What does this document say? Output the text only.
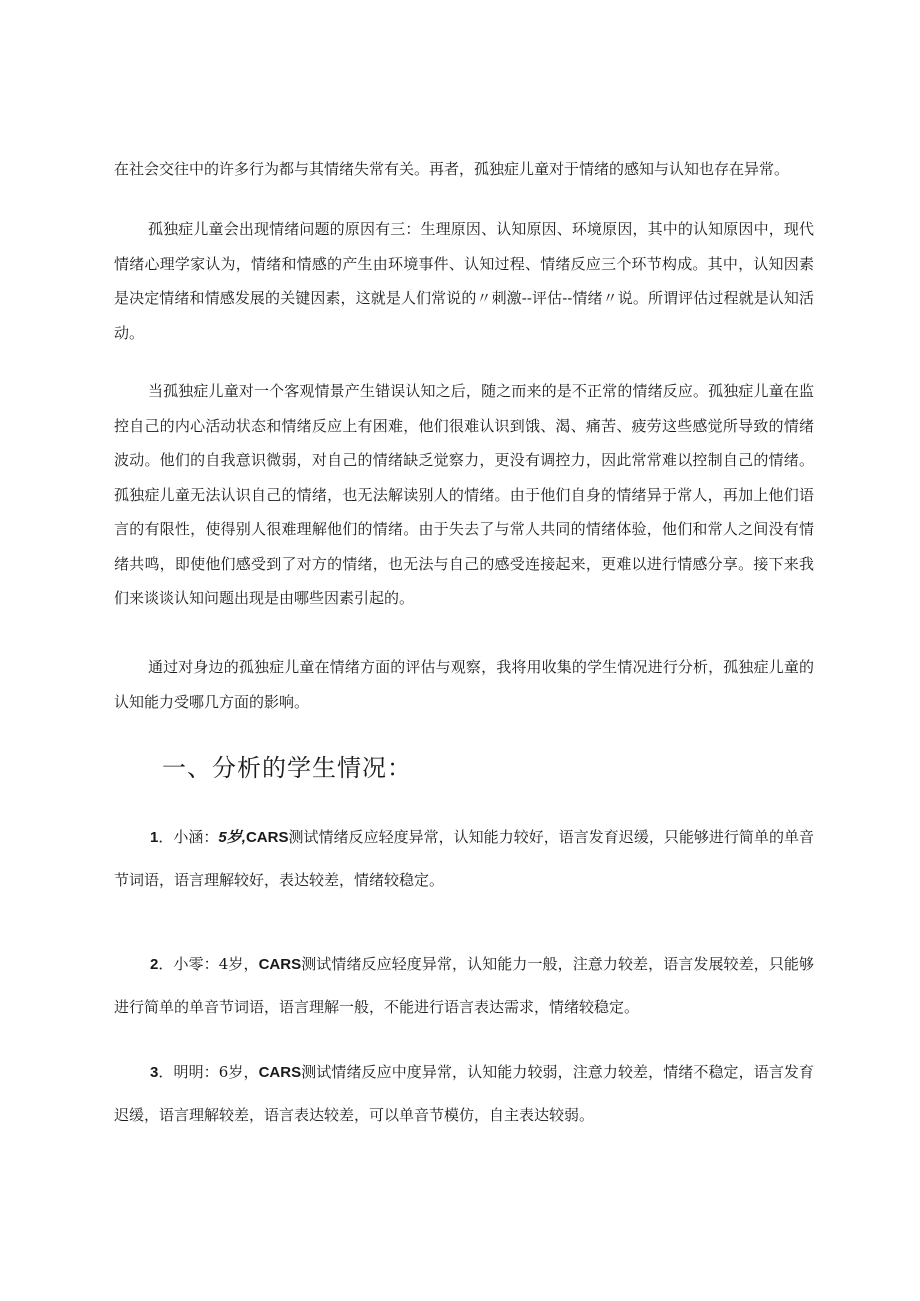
在社会交往中的许多行为都与其情绪失常有关。再者，孤独症儿童对于情绪的感知与认知也存在异常。

孤独症儿童会出现情绪问题的原因有三：生理原因、认知原因、环境原因，其中的认知原因中，现代情绪心理学家认为，情绪和情感的产生由环境事件、认知过程、情绪反应三个环节构成。其中，认知因素是决定情绪和情感发展的关键因素，这就是人们常说的〃刺激--评估--情绪〃说。所谓评估过程就是认知活动。

当孤独症儿童对一个客观情景产生错误认知之后，随之而来的是不正常的情绪反应。孤独症儿童在监控自己的内心活动状态和情绪反应上有困难，他们很难认识到饿、渴、痛苦、疲劳这些感觉所导致的情绪波动。他们的自我意识微弱，对自己的情绪缺乏觉察力，更没有调控力，因此常常难以控制自己的情绪。孤独症儿童无法认识自己的情绪，也无法解读别人的情绪。由于他们自身的情绪异于常人，再加上他们语言的有限性，使得别人很难理解他们的情绪。由于失去了与常人共同的情绪体验，他们和常人之间没有情绪共鸣，即使他们感受到了对方的情绪，也无法与自己的感受连接起来，更难以进行情感分享。接下来我们来谈谈认知问题出现是由哪些因素引起的。

通过对身边的孤独症儿童在情绪方面的评估与观察，我将用收集的学生情况进行分析，孤独症儿童的认知能力受哪几方面的影响。

一、分析的学生情况：

1．小涵：5岁,CARS测试情绪反应轻度异常，认知能力较好，语言发育迟缓，只能够进行简单的单音节词语，语言理解较好，表达较差，情绪较稳定。

2．小零：4岁，CARS测试情绪反应轻度异常，认知能力一般，注意力较差，语言发展较差，只能够进行简单的单音节词语，语言理解一般，不能进行语言表达需求，情绪较稳定。

3．明明：6岁，CARS测试情绪反应中度异常，认知能力较弱，注意力较差，情绪不稳定，语言发育迟缓，语言理解较差，语言表达较差，可以单音节模仿，自主表达较弱。
